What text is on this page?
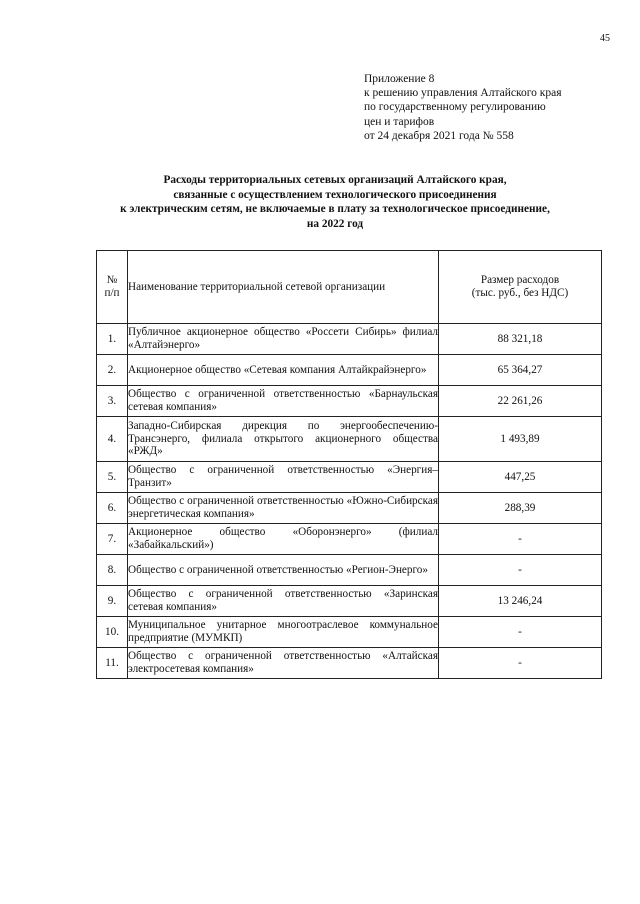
45
Приложение 8
к решению управления Алтайского края
по государственному регулированию
цен и тарифов
от 24 декабря 2021 года № 558
Расходы территориальных сетевых организаций Алтайского края,
связанные с осуществлением технологического присоединения
к электрическим сетям, не включаемые в плату за технологическое присоединение,
на 2022 год
№
п/п	Наименование территориальной сетевой организации	Размер расходов
(тыс. руб., без НДС)
1.	Публичное акционерное общество «Россети Сибирь» филиал «Алтайэнерго»	88 321,18
2.	Акционерное общество «Сетевая компания Алтайкрайэнерго»	65 364,27
3.	Общество с ограниченной ответственностью «Барнаульская сетевая компания»	22 261,26
4.	Западно-Сибирская дирекция по энергообеспечению-Трансэнерго, филиала открытого акционерного общества «РЖД»	1 493,89
5.	Общество с ограниченной ответственностью «Энергия–Транзит»	447,25
6.	Общество с ограниченной ответственностью «Южно-Сибирская энергетическая компания»	288,39
7.	Акционерное общество «Оборонэнерго» (филиал «Забайкальский»)	-
8.	Общество с ограниченной ответственностью «Регион-Энерго»	-
9.	Общество с ограниченной ответственностью «Заринская сетевая компания»	13 246,24
10.	Муниципальное унитарное многоотраслевое коммунальное предприятие (МУМКП)	-
11.	Общество с ограниченной ответственностью «Алтайская электросетевая компания»	-
